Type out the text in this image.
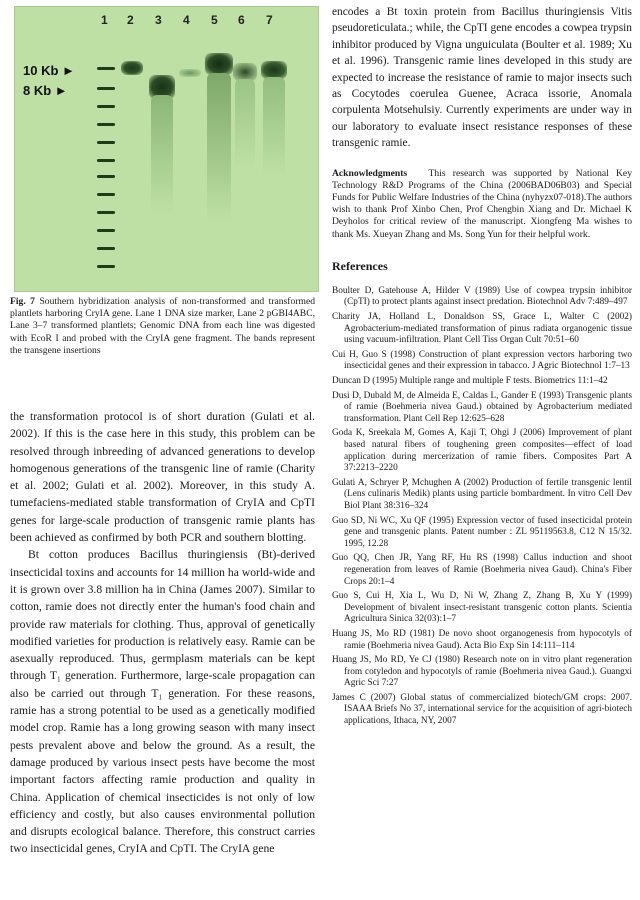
1 2 3 4 5 6 7
10 Kb ►
8 Kb ►
Fig. 7 Southern hybridization analysis of non-transformed and transformed plantlets harboring CryIA gene. Lane 1 DNA size marker, Lane 2 pGBI4ABC, Lane 3–7 transformed plantlets; Genomic DNA from each line was digested with EcoR I and probed with the CryIA gene fragment. The bands represent the transgene insertions

the transformation protocol is of short duration (Gulati et al. 2002). If this is the case here in this study, this problem can be resolved through inbreeding of advanced generations to develop homogenous generations of the transgenic line of ramie (Charity et al. 2002; Gulati et al. 2002). Moreover, in this study A. tumefaciens-mediated stable transformation of CryIA and CpTI genes for large-scale production of transgenic ramie plants has been achieved as confirmed by both PCR and southern blotting.

Bt cotton produces Bacillus thuringiensis (Bt)-derived insecticidal toxins and accounts for 14 million ha world-wide and it is grown over 3.8 million ha in China (James 2007). Similar to cotton, ramie does not directly enter the human's food chain and provide raw materials for clothing. Thus, approval of genetically modified varieties for production is relatively easy. Ramie can be asexually reproduced. Thus, germplasm materials can be kept through T₁ generation. Furthermore, large-scale propagation can also be carried out through T₁ generation. For these reasons, ramie has a strong potential to be used as a genetically modified model crop. Ramie has a long growing season with many insect pests prevalent above and below the ground. As a result, the damage produced by various insect pests have become the most important factors affecting ramie production and quality in China. Application of chemical insecticides is not only of low efficiency and costly, but also causes environmental pollution and disrupts ecological balance. Therefore, this construct carries two insecticidal genes, CryIA and CpTI. The CryIA gene

encodes a Bt toxin protein from Bacillus thuringiensis Vitis pseudoreticulata.; while, the CpTI gene encodes a cowpea trypsin inhibitor produced by Vigna unguiculata (Boulter et al. 1989; Xu et al. 1996). Transgenic ramie lines developed in this study are expected to increase the resistance of ramie to major insects such as Cocytodes coerulea Guenee, Acraca issorie, Anomala corpulenta Motsehulsiy. Currently experiments are under way in our laboratory to evaluate insect resistance responses of these transgenic ramie.

Acknowledgments This research was supported by National Key Technology R&D Programs of the China (2006BAD06B03) and Special Funds for Public Welfare Industries of the China (nyhyzx07-018).The authors wish to thank Prof Xinbo Chen, Prof Chengbin Xiang and Dr. Michael K Deyholos for critical review of the manuscript. Xiongfeng Ma wishes to thank Ms. Xueyan Zhang and Ms. Song Yun for their helpful work.
References
Boulter D, Gatehouse A, Hilder V (1989) Use of cowpea trypsin inhibitor (CpTI) to protect plants against insect predation. Biotechnol Adv 7:489–497
Charity JA, Holland L, Donaldson SS, Grace L, Walter C (2002) Agrobacterium-mediated transformation of pinus radiata organogenic tissue using vacuum-infiltration. Plant Cell Tiss Organ Cult 70:51–60
Cui H, Guo S (1998) Construction of plant expression vectors harboring two insecticidal genes and their expression in tabacco. J Agric Biotechnol 1:7–13
Duncan D (1995) Multiple range and multiple F tests. Biometrics 11:1–42
Dusi D, Dubald M, de Almeida E, Caldas L, Gander E (1993) Transgenic plants of ramie (Boehmeria nivea Gaud.) obtained by Agrobacterium mediated transformation. Plant Cell Rep 12:625–628
Goda K, Sreekala M, Gomes A, Kaji T, Ohgi J (2006) Improvement of plant based natural fibers of toughening green composites—effect of load application during mercerization of ramie fibers. Composites Part A 37:2213–2220
Gulati A, Schryer P, Mchughen A (2002) Production of fertile transgenic lentil (Lens culinaris Medik) plants using particle bombardment. In vitro Cell Dev Biol Plant 38:316–324
Guo SD, Ni WC, Xu QF (1995) Expression vector of fused insecticidal protein gene and transgenic plants. Patent number : ZL 95119563.8, C12 N 15/32. 1995, 12.28
Guo QQ, Chen JR, Yang RF, Hu RS (1998) Callus induction and shoot regeneration from leaves of Ramie (Boehmeria nivea Gaud). China's Fiber Crops 20:1–4
Guo S, Cui H, Xia L, Wu D, Ni W, Zhang Z, Zhang B, Xu Y (1999) Development of bivalent insect-resistant transgenic cotton plants. Scientia Agricultura Sinica 32(03):1–7
Huang JS, Mo RD (1981) De novo shoot organogenesis from hypocotyls of ramie (Boehmeria nivea Gaud). Acta Bio Exp Sin 14:111–114
Huang JS, Mo RD, Ye CJ (1980) Research note on in vitro plant regeneration from cotyledon and hypocotyls of ramie (Boehmeria nivea Gaud.). Guangxi Agric Sci 7:27
James C (2007) Global status of commercialized biotech/GM crops: 2007. ISAAA Briefs No 37, international service for the acquisition of agri-biotech applications, Ithaca, NY, 2007
